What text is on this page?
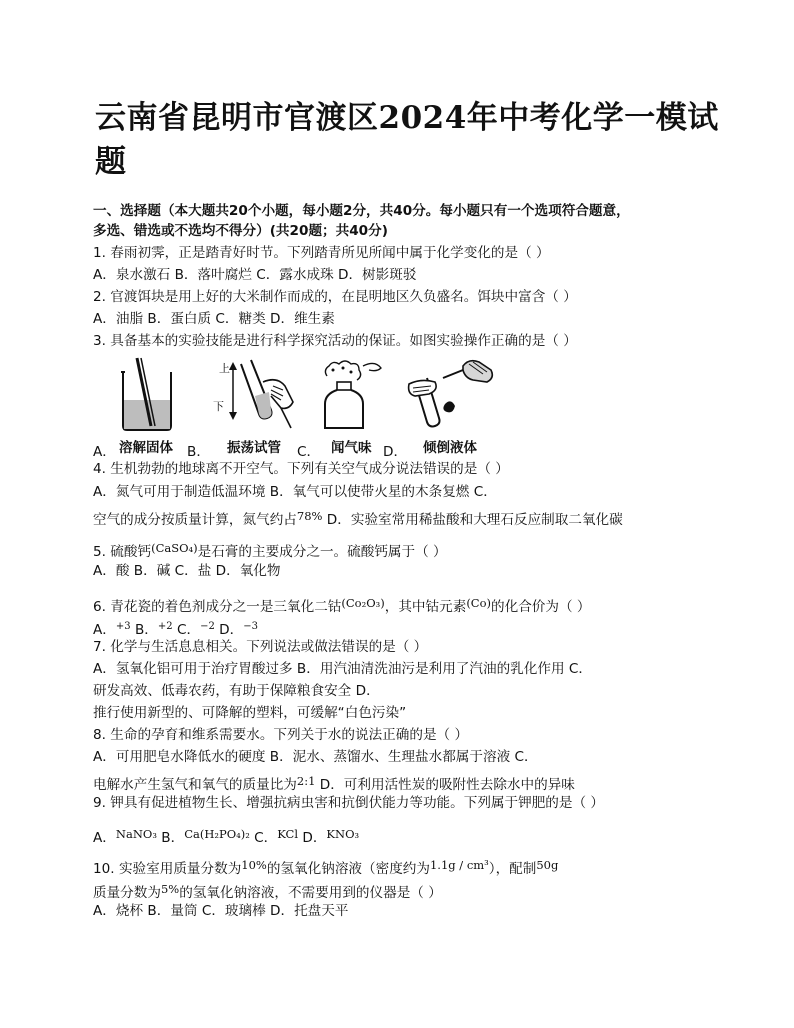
云南省昆明市官渡区2024年中考化学一模试题
一、选择题（本大题共20个小题，每小题2分，共40分。每小题只有一个选项符合题意，
多选、错选或不选均不得分）(共20题；共40分)
1. 春雨初霁，正是踏青好时节。下列踏青所见所闻中属于化学变化的是（ ）
A．泉水激石 B．落叶腐烂 C．露水成珠 D．树影斑驳
2. 官渡饵块是用上好的大米制作而成的，在昆明地区久负盛名。饵块中富含（ ）
A．油脂 B．蛋白质 C．糖类 D．维生素
3. 具备基本的实验技能是进行科学探究活动的保证。如图实验操作正确的是（ ）
A． 溶解固体 B．
上
下
振荡试管 C． 闻气味 D． 倾倒液体
4. 生机勃勃的地球离不开空气。下列有关空气成分说法错误的是（ ）
A．氮气可用于制造低温环境 B．氧气可以使带火星的木条复燃 C．
空气的成分按质量计算，氮气约占$^{78\%}$ D．实验室常用稀盐酸和大理石反应制取二氧化碳
5. 硫酸钙$^{(CaSO_4)}$是石膏的主要成分之一。硫酸钙属于（ ）
A．酸 B．碱 C．盐 D．氧化物
6. 青花瓷的着色剂成分之一是三氧化二钴$^{(Co_2O_3)}$，其中钴元素$^{(Co)}$的化合价为（ ）
A．$^{+3}$ B．$^{+2}$ C．$^{-2}$ D．$^{-3}$
7. 化学与生活息息相关。下列说法或做法错误的是（ ）
A．氢氧化铝可用于治疗胃酸过多 B．用汽油清洗油污是利用了汽油的乳化作用 C．
研发高效、低毒农药，有助于保障粮食安全 D．
推行使用新型的、可降解的塑料，可缓解“白色污染”
8. 生命的孕育和维系需要水。下列关于水的说法正确的是（ ）
A．可用肥皂水降低水的硬度 B．泥水、蒸馏水、生理盐水都属于溶液 C．
电解水产生氢气和氧气的质量比为$^{2:1}$ D．可利用活性炭的吸附性去除水中的异味
9. 钾具有促进植物生长、增强抗病虫害和抗倒伏能力等功能。下列属于钾肥的是（ ）
A．$^{NaNO_3}$ B．$^{Ca(H_2PO_4)_2}$ C．$^{KCl}$ D．$^{KNO_3}$
10. 实验室用质量分数为$^{10\%}$的氢氧化钠溶液（密度约为$^{1.1g / cm^3}$），配制$^{50g}$
质量分数为$^{5\%}$的氢氧化钠溶液，不需要用到的仪器是（ ）
A．烧杯 B．量筒 C．玻璃棒 D．托盘天平
